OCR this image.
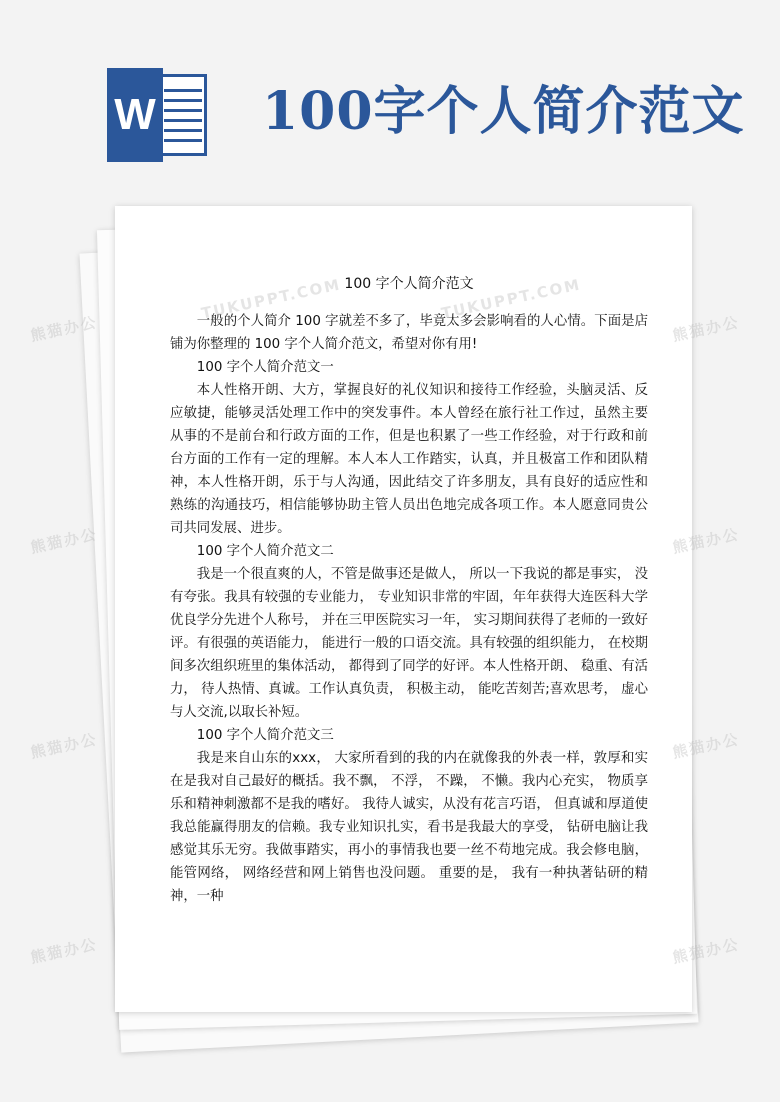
W 100字个人简介范文
100 字个人简介范文

一般的个人简介 100 字就差不多了，毕竟太多会影响看的人心情。下面是店铺为你整理的 100 字个人简介范文，希望对你有用!

100 字个人简介范文一

本人性格开朗、大方，掌握良好的礼仪知识和接待工作经验，头脑灵活、反应敏捷，能够灵活处理工作中的突发事件。本人曾经在旅行社工作过，虽然主要从事的不是前台和行政方面的工作，但是也积累了一些工作经验，对于行政和前台方面的工作有一定的理解。本人本人工作踏实，认真，并且极富工作和团队精神，本人性格开朗，乐于与人沟通，因此结交了许多朋友，具有良好的适应性和熟练的沟通技巧，相信能够协助主管人员出色地完成各项工作。本人愿意同贵公司共同发展、进步。

100 字个人简介范文二

我是一个很直爽的人，不管是做事还是做人， 所以一下我说的都是事实， 没有夸张。我具有较强的专业能力， 专业知识非常的牢固，年年获得大连医科大学优良学分先进个人称号， 并在三甲医院实习一年， 实习期间获得了老师的一致好评。有很强的英语能力， 能进行一般的口语交流。具有较强的组织能力， 在校期间多次组织班里的集体活动， 都得到了同学的好评。本人性格开朗、 稳重、有活力， 待人热情、真诚。工作认真负责， 积极主动， 能吃苦刻苦;喜欢思考， 虚心与人交流,以取长补短。

100 字个人简介范文三

我是来自山东的xxx， 大家所看到的我的内在就像我的外表一样，敦厚和实在是我对自己最好的概括。我不飘， 不浮， 不躁， 不懒。我内心充实， 物质享乐和精神刺激都不是我的嗜好。 我待人诚实，从没有花言巧语， 但真诚和厚道使我总能赢得朋友的信赖。我专业知识扎实，看书是我最大的享受， 钻研电脑让我感觉其乐无穷。我做事踏实，再小的事情我也要一丝不苟地完成。我会修电脑， 能管网络， 网络经营和网上销售也没问题。 重要的是， 我有一种执著钻研的精神，一种

熊猫办公
TUKUPPT.COM	TUKUPPT.COM
熊猫办公
熊猫办公	熊猫办公
熊猫办公	熊猫办公
熊猫办公	熊猫办公
